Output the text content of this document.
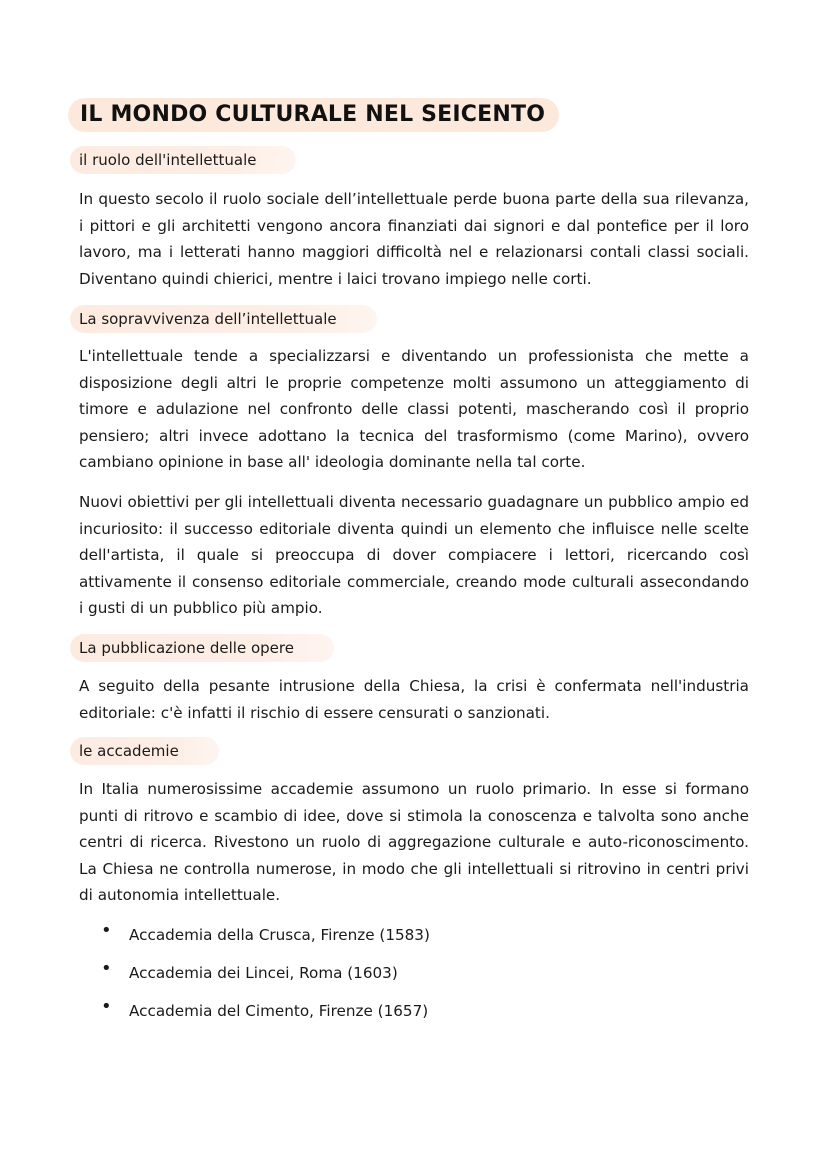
IL MONDO CULTURALE NEL SEICENTO
il ruolo dell'intellettuale

In questo secolo il ruolo sociale dell’intellettuale perde buona parte della sua rilevanza, i pittori e gli architetti vengono ancora finanziati dai signori e dal pontefice per il loro lavoro, ma i letterati hanno maggiori difficoltà nel e relazionarsi contali classi sociali. Diventano quindi chierici, mentre i laici trovano impiego nelle corti.

La sopravvivenza dell’intellettuale

L'intellettuale tende a specializzarsi e diventando un professionista che mette a disposizione degli altri le proprie competenze molti assumono un atteggiamento di timore e adulazione nel confronto delle classi potenti, mascherando così il proprio pensiero; altri invece adottano la tecnica del trasformismo (come Marino), ovvero cambiano opinione in base all' ideologia dominante nella tal corte.

Nuovi obiettivi per gli intellettuali diventa necessario guadagnare un pubblico ampio ed incuriosito: il successo editoriale diventa quindi un elemento che influisce nelle scelte dell'artista, il quale si preoccupa di dover compiacere i lettori, ricercando così attivamente il consenso editoriale commerciale, creando mode culturali assecondando i gusti di un pubblico più ampio.

La pubblicazione delle opere

A seguito della pesante intrusione della Chiesa, la crisi è confermata nell'industria editoriale: c'è infatti il rischio di essere censurati o sanzionati.

le accademie

In Italia numerosissime accademie assumono un ruolo primario. In esse si formano punti di ritrovo e scambio di idee, dove si stimola la conoscenza e talvolta sono anche centri di ricerca. Rivestono un ruolo di aggregazione culturale e auto-riconoscimento. La Chiesa ne controlla numerose, in modo che gli intellettuali si ritrovino in centri privi di autonomia intellettuale.

• Accademia della Crusca, Firenze (1583)
• Accademia dei Lincei, Roma (1603)
• Accademia del Cimento, Firenze (1657)
